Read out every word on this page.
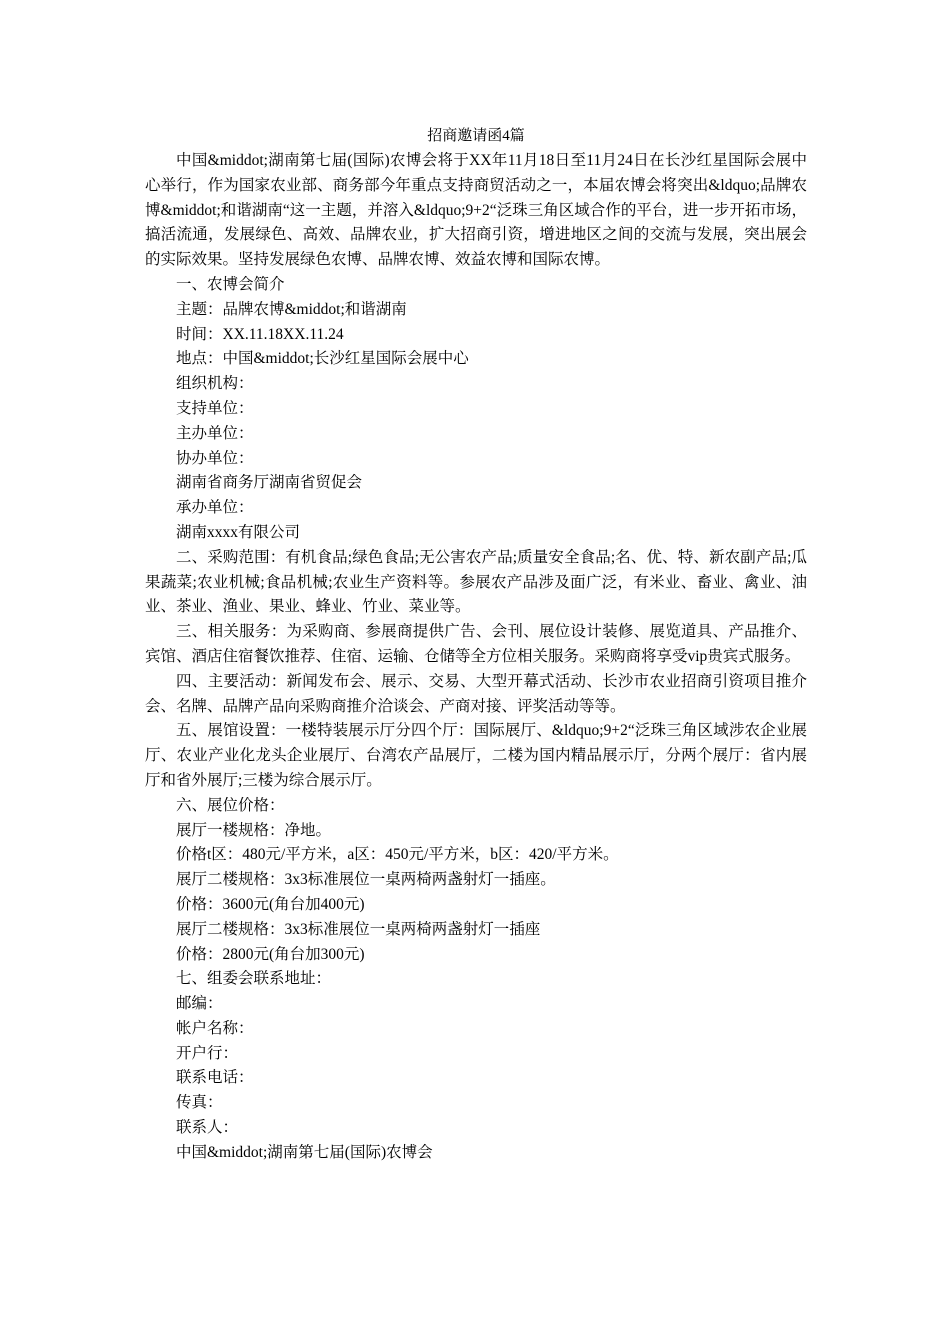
招商邀请函4篇

中国&middot;湖南第七届(国际)农博会将于XX年11月18日至11月24日在长沙红星国际会展中心举行，作为国家农业部、商务部今年重点支持商贸活动之一，本届农博会将突出&ldquo;品牌农博&middot;和谐湖南“这一主题，并溶入&ldquo;9+2“泛珠三角区域合作的平台，进一步开拓市场，搞活流通，发展绿色、高效、品牌农业，扩大招商引资，增进地区之间的交流与发展，突出展会的实际效果。坚持发展绿色农博、品牌农博、效益农博和国际农博。

一、农博会简介
主题：品牌农博&middot;和谐湖南
时间：XX.11.18XX.11.24
地点：中国&middot;长沙红星国际会展中心
组织机构：
支持单位：
主办单位：
协办单位：
湖南省商务厅湖南省贸促会
承办单位：
湖南xxxx有限公司

二、采购范围：有机食品;绿色食品;无公害农产品;质量安全食品;名、优、特、新农副产品;瓜果蔬菜;农业机械;食品机械;农业生产资料等。参展农产品涉及面广泛，有米业、畜业、禽业、油业、茶业、渔业、果业、蜂业、竹业、菜业等。

三、相关服务：为采购商、参展商提供广告、会刊、展位设计装修、展览道具、产品推介、宾馆、酒店住宿餐饮推荐、住宿、运输、仓储等全方位相关服务。采购商将享受vip贵宾式服务。

四、主要活动：新闻发布会、展示、交易、大型开幕式活动、长沙市农业招商引资项目推介会、名牌、品牌产品向采购商推介洽谈会、产商对接、评奖活动等等。

五、展馆设置：一楼特装展示厅分四个厅：国际展厅、&ldquo;9+2“泛珠三角区域涉农企业展厅、农业产业化龙头企业展厅、台湾农产品展厅，二楼为国内精品展示厅，分两个展厅：省内展厅和省外展厅;三楼为综合展示厅。

六、展位价格：
展厅一楼规格：净地。
价格t区：480元/平方米，a区：450元/平方米，b区：420/平方米。
展厅二楼规格：3x3标准展位一桌两椅两盏射灯一插座。
价格：3600元(角台加400元)
展厅二楼规格：3x3标准展位一桌两椅两盏射灯一插座
价格：2800元(角台加300元)
七、组委会联系地址：
邮编：
帐户名称：
开户行：
联系电话：
传真：
联系人：
中国&middot;湖南第七届(国际)农博会
